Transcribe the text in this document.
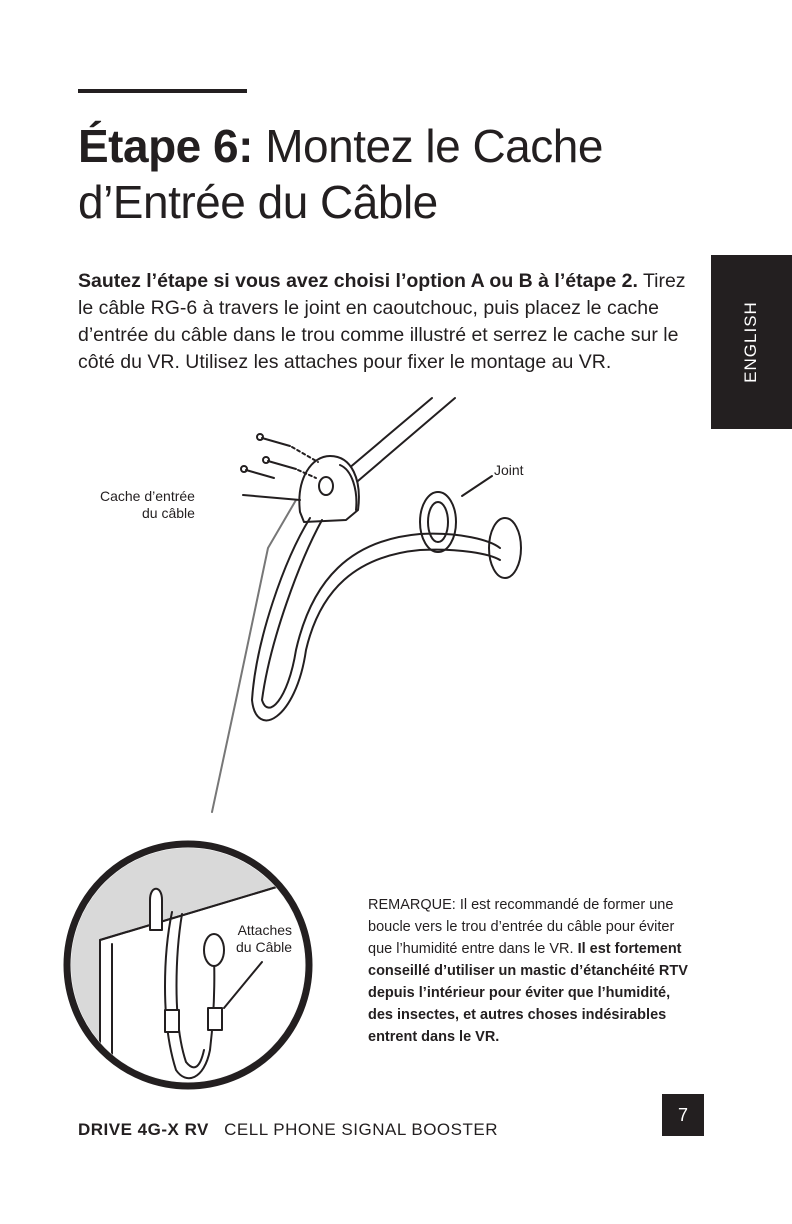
Étape 6: Montez le Cache
d’Entrée du Câble

Sautez l’étape si vous avez choisi l’option A ou B à l’étape 2. Tirez le câble RG-6 à travers le joint en caoutchouc, puis placez le cache d’entrée du câble dans le trou comme illustré et serrez le cache sur le côté du VR. Utilisez les attaches pour fixer le montage au VR.	ENGLISH
Cache d’entrée
du câble
Joint
Attaches
du Câble

REMARQUE: Il est recommandé de former une boucle vers le trou d’entrée du câble pour éviter que l’humidité entre dans le VR. Il est fortement conseillé d’utiliser un mastic d’étanchéité RTV depuis l’intérieur pour éviter que l’humidité, des insectes, et autres choses indésirables entrent dans le VR.

DRIVE 4G-X RV CELL PHONE SIGNAL BOOSTER
7
